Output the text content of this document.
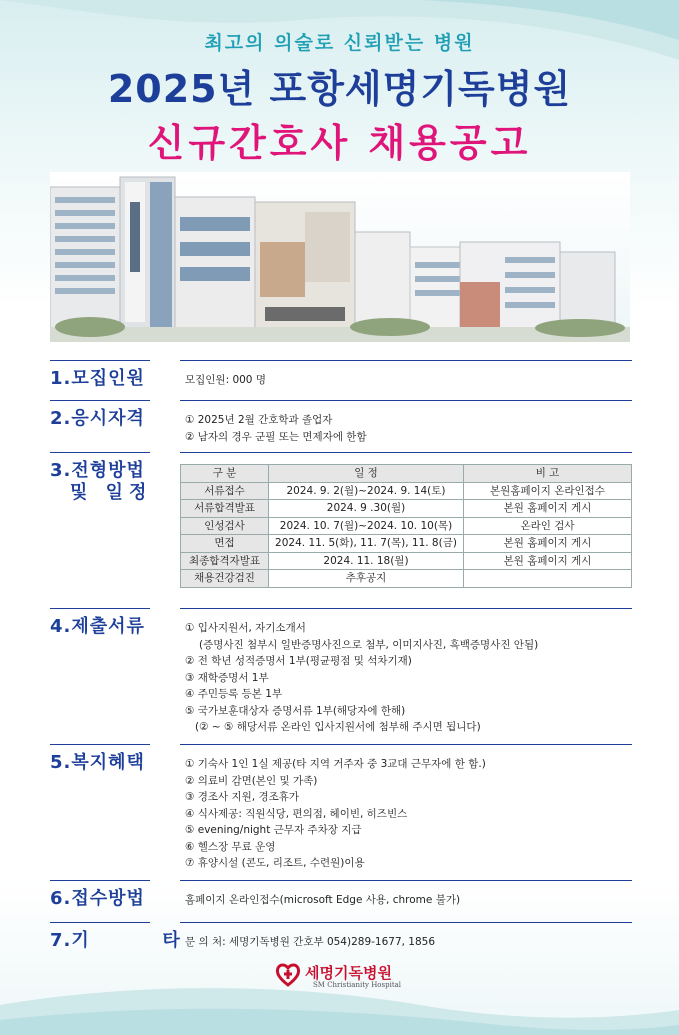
최고의 의술로 신뢰받는 병원
2025년 포항세명기독병원
신규간호사 채용공고
1.모집인원	모집인원: 000 명
2.응시자격	① 2025년 2월 간호학과 졸업자
② 남자의 경우 군필 또는 면제자에 한함
3.전형방법
및 일정
구 분	일 정	비 고
서류접수	2024. 9. 2(월)~2024. 9. 14(토)	본원홈페이지 온라인접수
서류합격발표	2024. 9 .30(월)	본원 홈페이지 게시
인성검사	2024. 10. 7(월)~2024. 10. 10(목)	온라인 검사
면접	2024. 11. 5(화), 11. 7(목), 11. 8(금)	본원 홈페이지 게시
최종합격자발표	2024. 11. 18(월)	본원 홈페이지 게시
채용건강검진	추후공지	
4.제출서류	① 입사지원서, 자기소개서
(증명사진 첨부시 일반증명사진으로 첨부, 이미지사진, 흑백증명사진 안됨)
② 전 학년 성적증명서 1부(평균평점 및 석차기재)
③ 재학증명서 1부
④ 주민등록 등본 1부
⑤ 국가보훈대상자 증명서류 1부(해당자에 한해)
(② ~ ⑤ 해당서류 온라인 입사지원서에 첨부해 주시면 됩니다)
5.복지혜택	① 기숙사 1인 1실 제공(타 지역 거주자 중 3교대 근무자에 한 함.)
② 의료비 감면(본인 및 가족)
③ 경조사 지원, 경조휴가
④ 식사제공: 직원식당, 편의점, 헤이빈, 히즈빈스
⑤ evening/night 근무자 주차장 지급
⑥ 헬스장 무료 운영
⑦ 휴양시설 (콘도, 리조트, 수련원)이용
6.접수방법	홈페이지 온라인접수(microsoft Edge 사용, chrome 불가)
7.기          타 문 의 처: 세명기독병원 간호부 054)289-1677, 1856
세명기독병원
SM Christianity Hospital
